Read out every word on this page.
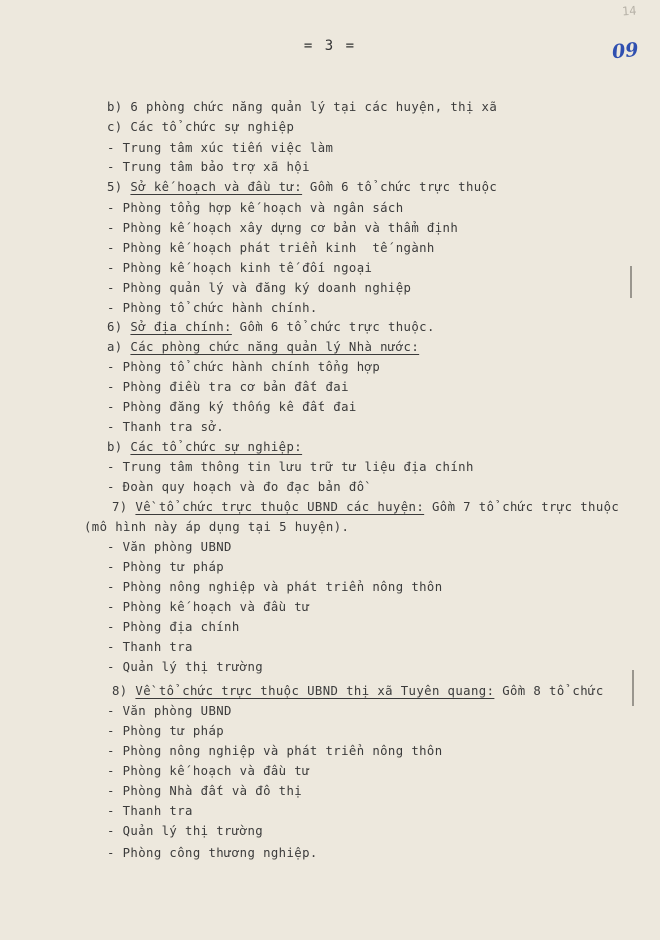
14
= 3 =	09
b) 6 phòng chức năng quản lý tại các huyện, thị xã
c) Các tổ chức sự nghiệp
- Trung tâm xúc tiến việc làm
- Trung tâm bảo trợ xã hội
5) Sở kế hoạch và đầu tư: Gồm 6 tổ chức trực thuộc
- Phòng tổng hợp kế hoạch và ngân sách
- Phòng kế hoạch xây dựng cơ bản và thẩm định
- Phòng kế hoạch phát triển kinh  tế ngành
- Phòng kế hoạch kinh tế đối ngoại
- Phòng quản lý và đăng ký doanh nghiệp
- Phòng tổ chức hành chính.
6) Sở địa chính: Gồm 6 tổ chức trực thuộc.
a) Các phòng chức năng quản lý Nhà nước:
- Phòng tổ chức hành chính tổng hợp
- Phòng điều tra cơ bản đất đai
- Phòng đăng ký thống kê đất đai
- Thanh tra sở.
b) Các tổ chức sự nghiệp:
- Trung tâm thông tin lưu trữ tư liệu địa chính
- Đoàn quy hoạch và đo đạc bản đồ
7) Về tổ chức trực thuộc UBND các huyện: Gồm 7 tổ chức trực thuộc
(mô hình này áp dụng tại 5 huyện).
- Văn phòng UBND
- Phòng tư pháp
- Phòng nông nghiệp và phát triển nông thôn
- Phòng kế hoạch và đầu tư
- Phòng địa chính
- Thanh tra
- Quản lý thị trường
8) Về tổ chức trực thuộc UBND thị xã Tuyên quang: Gồm 8 tổ chức
- Văn phòng UBND
- Phòng tư pháp
- Phòng nông nghiệp và phát triển nông thôn
- Phòng kế hoạch và đầu tư
- Phòng Nhà đất và đô thị
- Thanh tra
- Quản lý thị trường
- Phòng công thương nghiệp.
